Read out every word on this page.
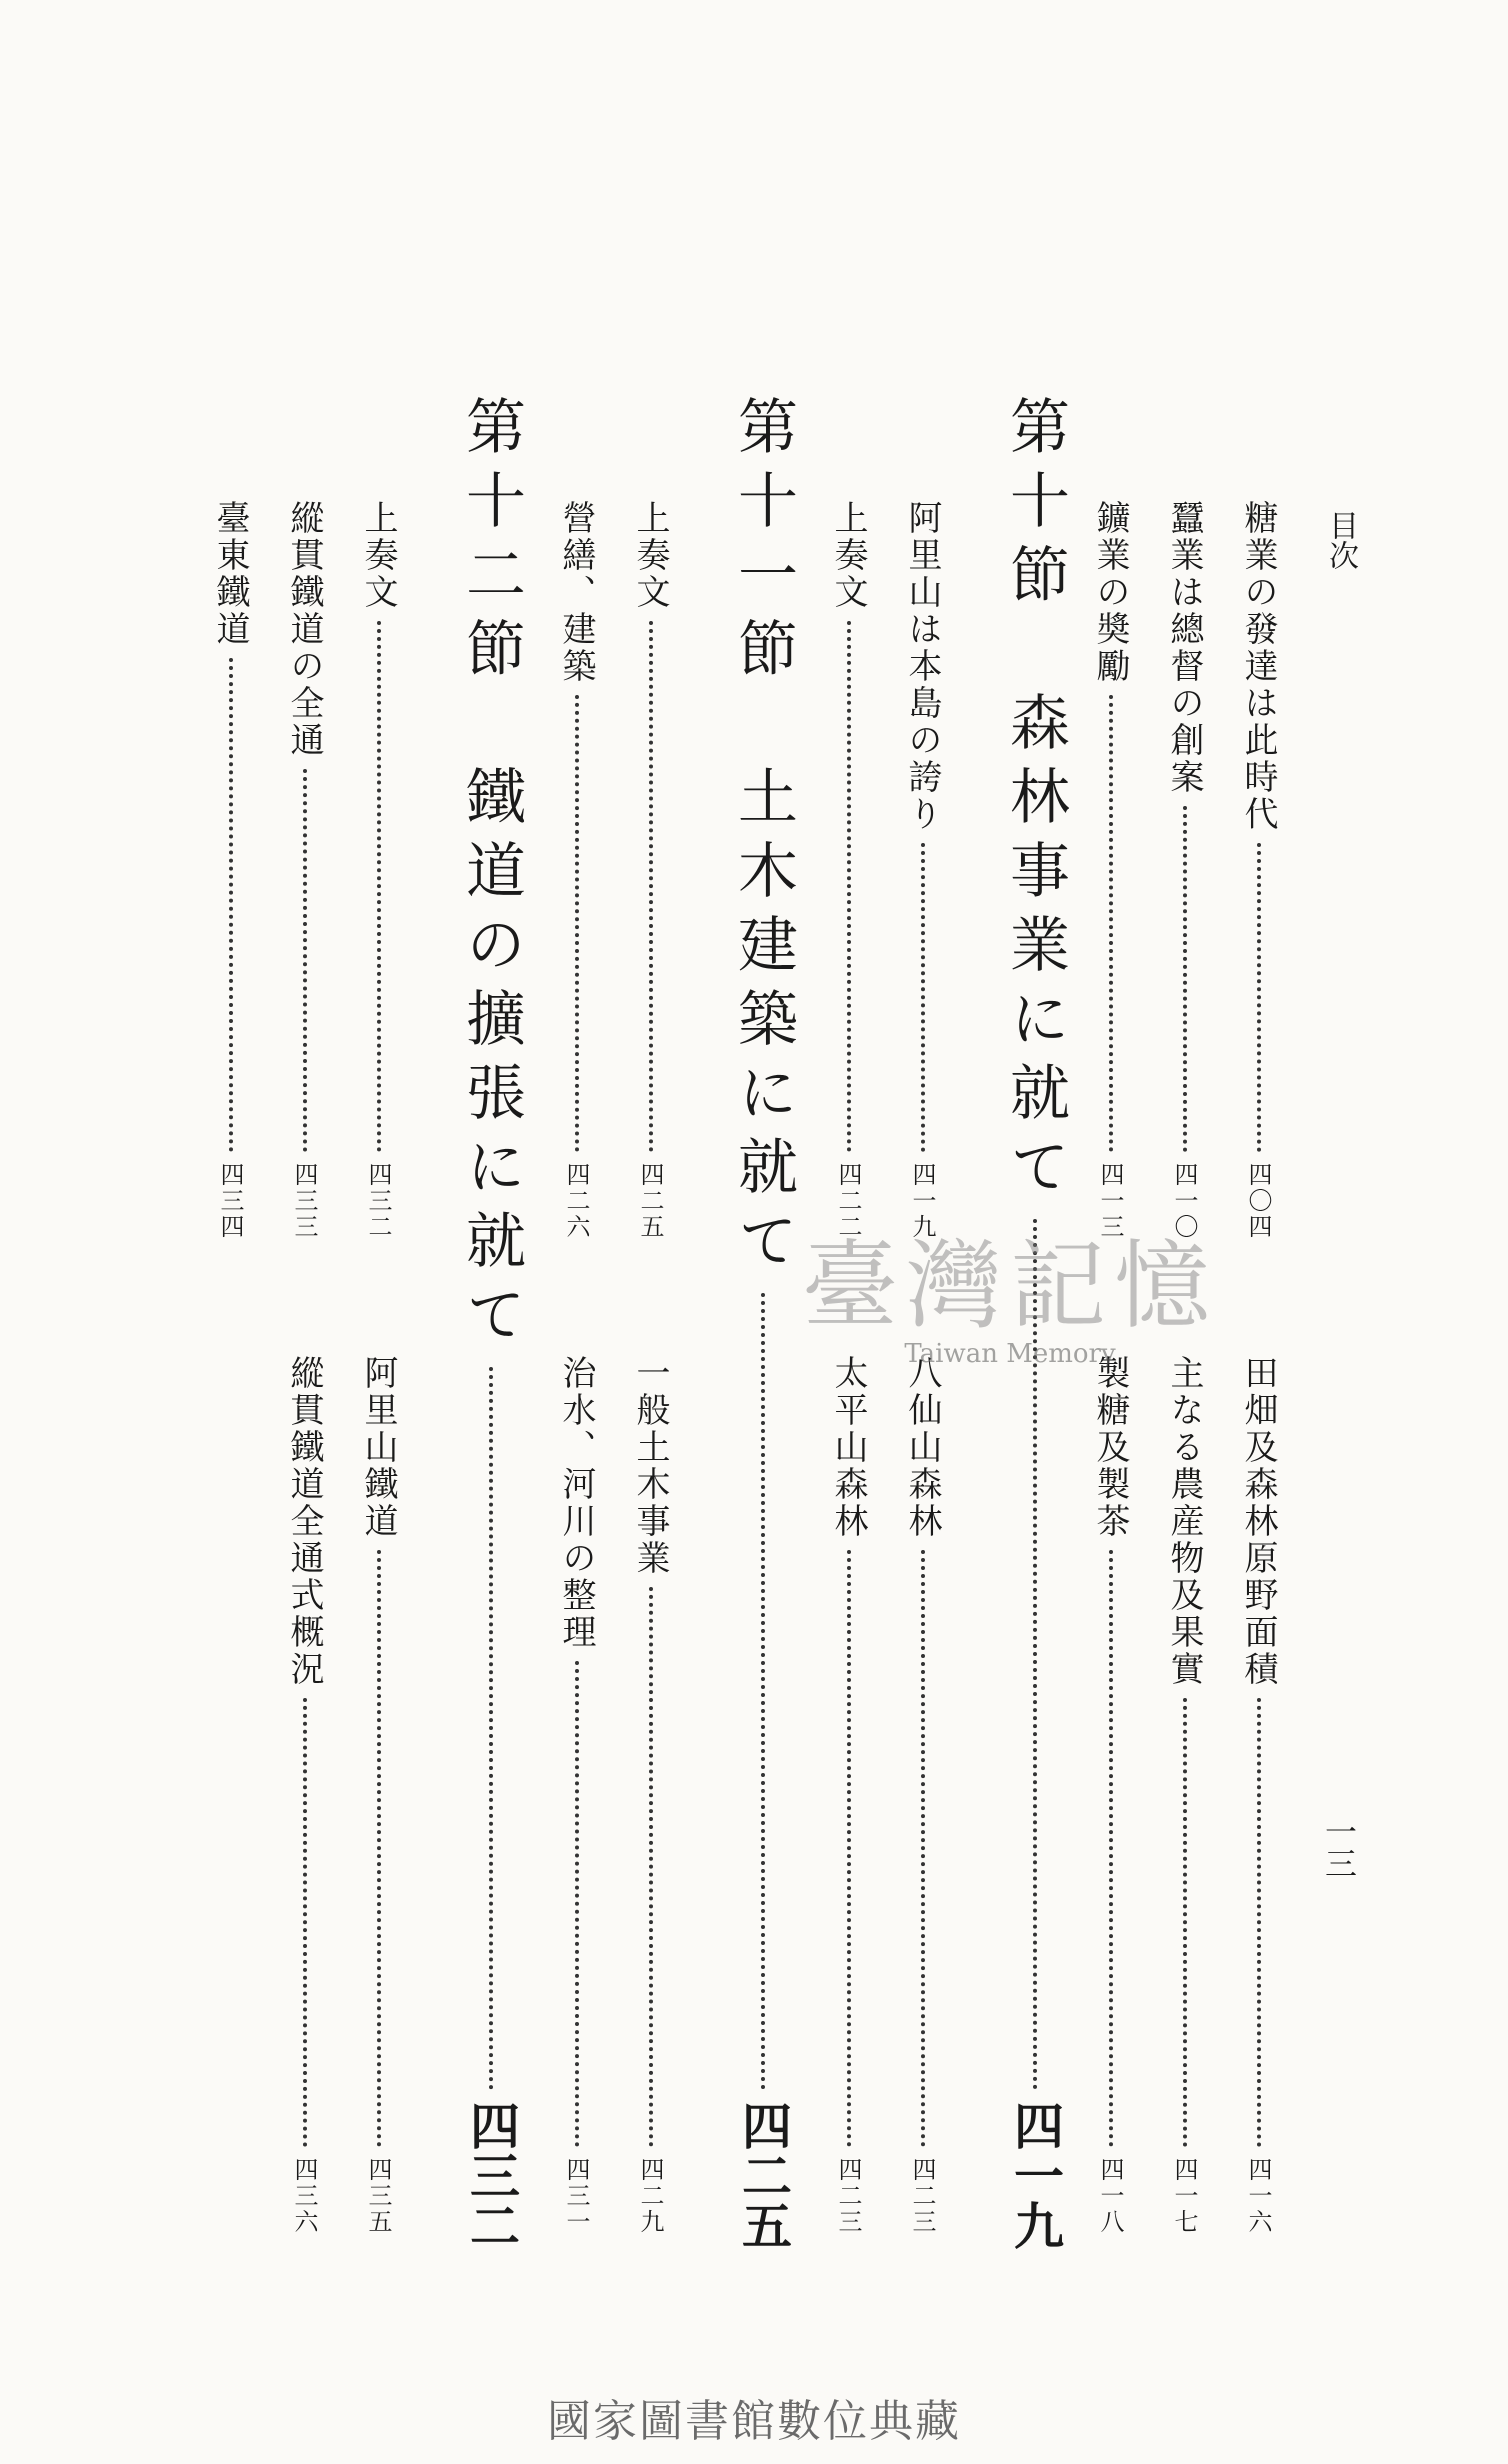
目次
一三
糖業の發達は此時代
四〇四
田畑及森林原野面積
四一六
蠶業は總督の創案
四一〇
主なる農産物及果實
四一七
鑛業の奬勵
四一三
製糖及製茶
四一八
第十節　森林事業に就て
四一九
阿里山は本島の誇り
四一九
八仙山森林
四二三
上奏文
四二二
太平山森林
四二三
第十一節　土木建築に就て
四二五
上奏文
四二五
一般土木事業
四二九
營繕、建築
四二六
治水、河川の整理
四三一
第十二節　鐵道の擴張に就て
四三二
上奏文
四三二
阿里山鐵道
四三五
縱貫鐵道の全通
四三三
縱貫鐵道全通式概況
四三六
臺東鐵道
四三四
臺灣記憶
Taiwan Memory
國家圖書館數位典藏
